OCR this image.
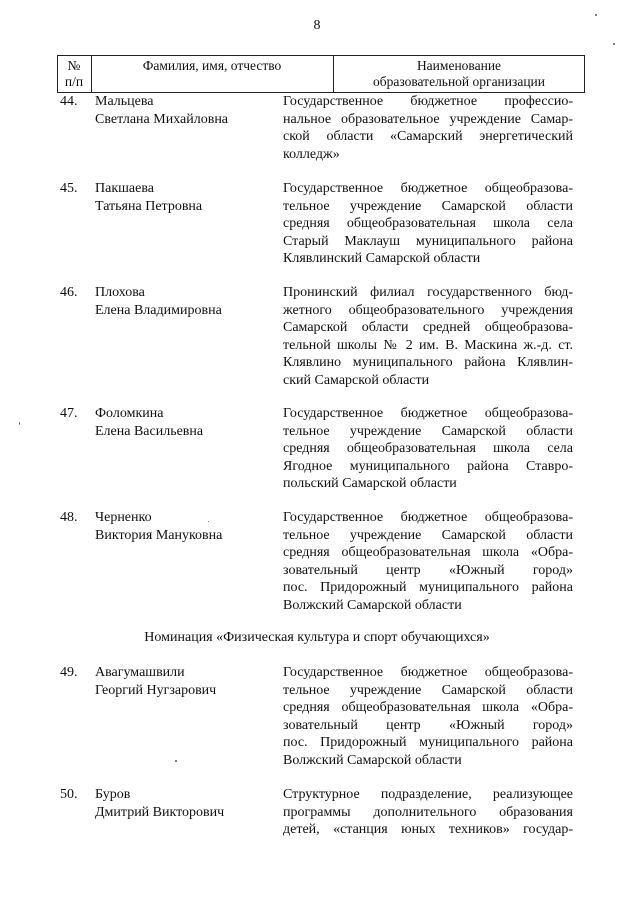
8
№
п/п
Фамилия, имя, отчество	Наименование
образовательной организации
44. Мальцева
Светлана Михайловна
Государственное бюджетное профессио-
нальное образовательное учреждение Самар-
ской области «Самарский энергетический
колледж»
45. Пакшаева
Татьяна Петровна
Государственное бюджетное общеобразова-
тельное учреждение Самарской области
средняя общеобразовательная школа села
Старый Маклауш муниципального района
Клявлинский Самарской области
46. Плохова
Елена Владимировна
Пронинский филиал государственного бюд-
жетного общеобразовательного учреждения
Самарской области средней общеобразова-
тельной школы № 2 им. В. Маскина ж.-д. ст.
Клявлино муниципального района Клявлин-
ский Самарской области
47. Фоломкина
Елена Васильевна
Государственное бюджетное общеобразова-
тельное учреждение Самарской области
средняя общеобразовательная школа села
Ягодное муниципального района Ставро-
польский Самарской области
48. Черненко
Виктория Мануковна
Государственное бюджетное общеобразова-
тельное учреждение Самарской области
средняя общеобразовательная школа «Обра-
зовательный центр «Южный город»
пос. Придорожный муниципального района
Волжский Самарской области
Номинация «Физическая культура и спорт обучающихся»
49. Авагумашвили
Георгий Нугзарович
Государственное бюджетное общеобразова-
тельное учреждение Самарской области
средняя общеобразовательная школа «Обра-
зовательный центр «Южный город»
пос. Придорожный муниципального района
Волжский Самарской области
50. Буров
Дмитрий Викторович
Структурное подразделение, реализующее
программы дополнительного образования
детей, «станция юных техников» государ-
